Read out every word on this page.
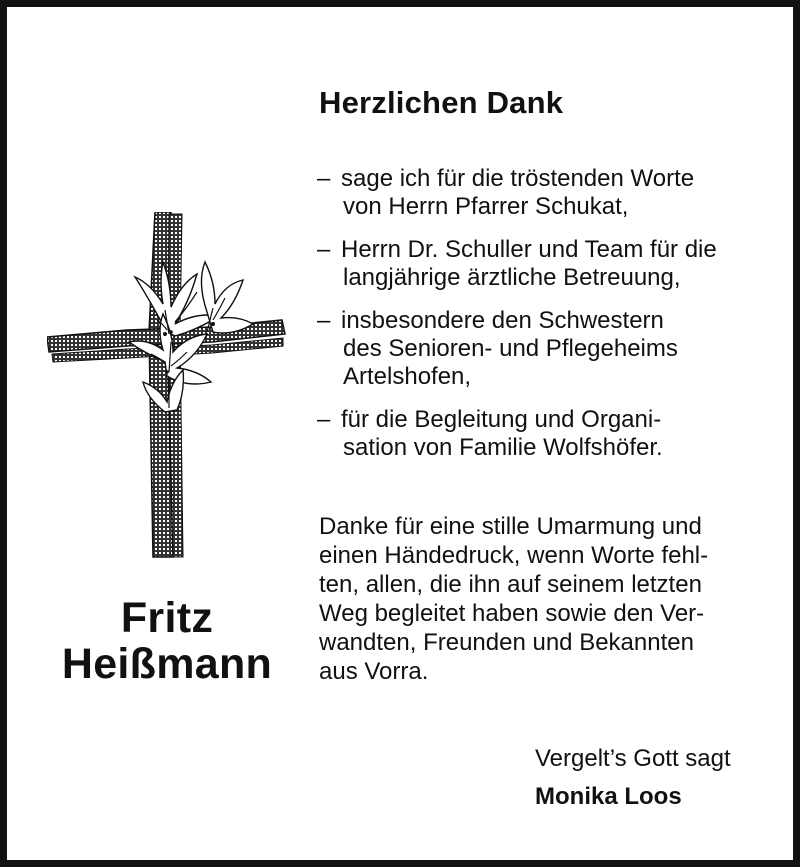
Herzlichen Dank
– sage ich für die tröstenden Worte
von Herrn Pfarrer Schukat,
– Herrn Dr. Schuller und Team für die
langjährige ärztliche Betreuung,
– insbesondere den Schwestern
des Senioren- und Pflegeheims
Artelshofen,
– für die Begleitung und Organi-
sation von Familie Wolfshöfer.
Danke für eine stille Umarmung und
einen Händedruck, wenn Worte fehl-
ten, allen, die ihn auf seinem letzten
Weg begleitet haben sowie den Ver-
wandten, Freunden und Bekannten
aus Vorra.
Fritz
Heißmann
Vergelt’s Gott sagt
Monika Loos
